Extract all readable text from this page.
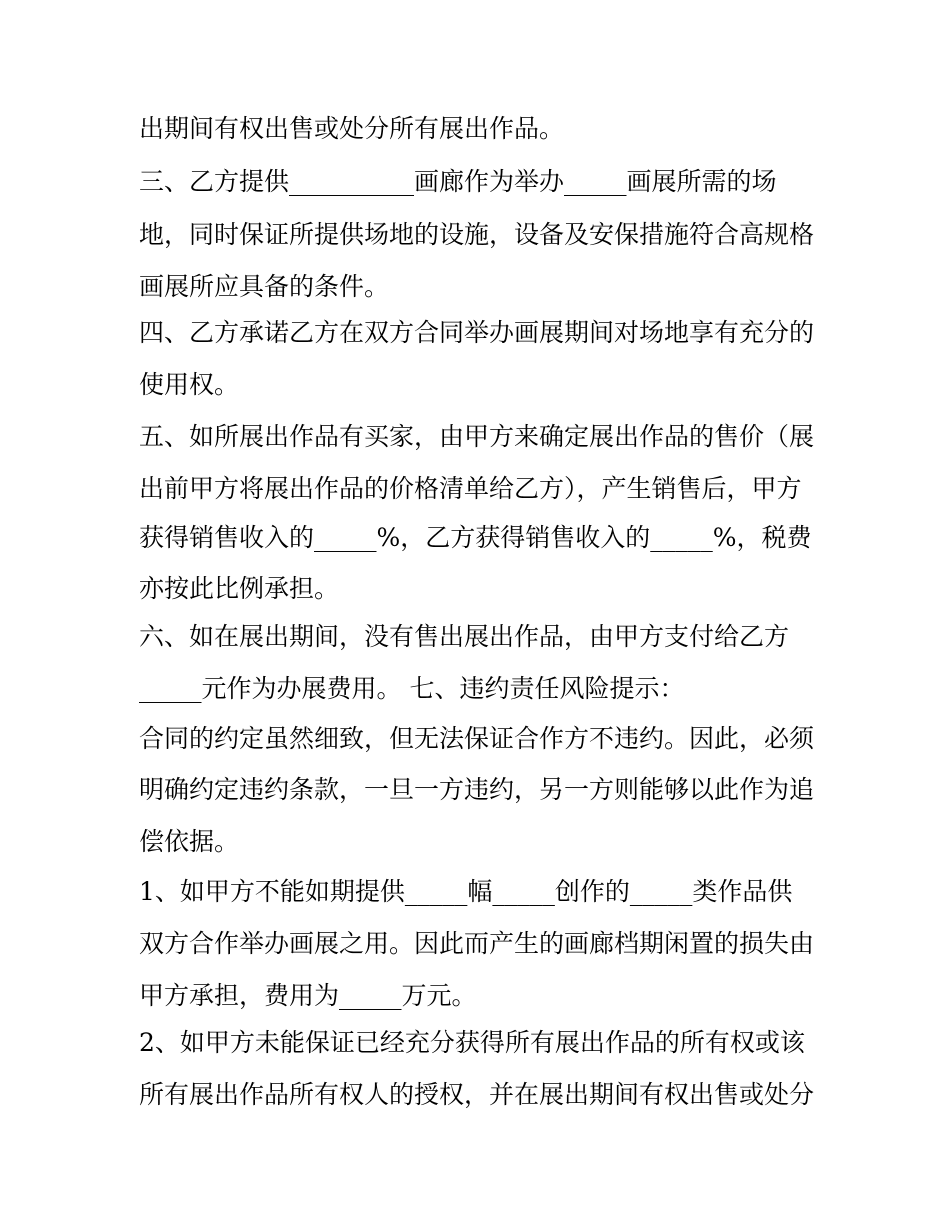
出期间有权出售或处分所有展出作品。

三、乙方提供__________画廊作为举办_____画展所需的场

地，同时保证所提供场地的设施，设备及安保措施符合高规格

画展所应具备的条件。

四、乙方承诺乙方在双方合同举办画展期间对场地享有充分的

使用权。

五、如所展出作品有买家，由甲方来确定展出作品的售价（展

出前甲方将展出作品的价格清单给乙方），产生销售后，甲方

获得销售收入的_____%，乙方获得销售收入的_____%，税费

亦按此比例承担。

六、如在展出期间，没有售出展出作品，由甲方支付给乙方

_____元作为办展费用。 七、违约责任风险提示：

合同的约定虽然细致，但无法保证合作方不违约。因此，必须

明确约定违约条款，一旦一方违约，另一方则能够以此作为追

偿依据。

1、如甲方不能如期提供_____幅_____创作的_____类作品供

双方合作举办画展之用。因此而产生的画廊档期闲置的损失由

甲方承担，费用为_____万元。

2、如甲方未能保证已经充分获得所有展出作品的所有权或该

所有展出作品所有权人的授权，并在展出期间有权出售或处分
